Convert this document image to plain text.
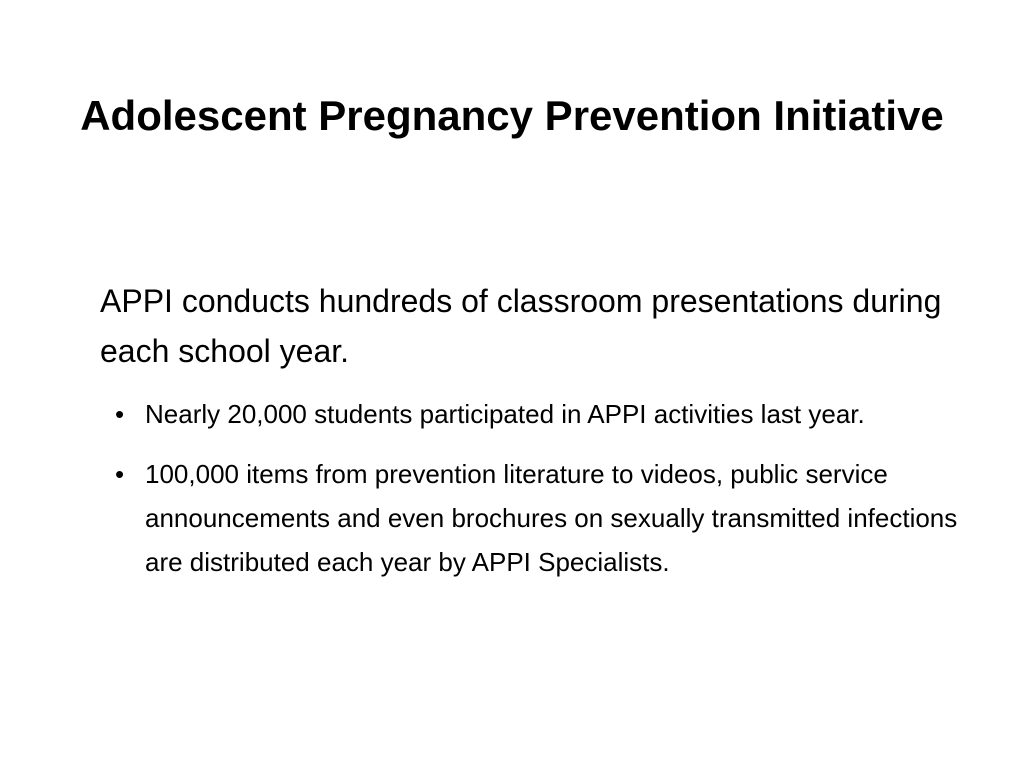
Adolescent Pregnancy Prevention Initiative

APPI conducts hundreds of classroom presentations during each school year.

• Nearly 20,000 students participated in APPI activities last year.
• 100,000 items from prevention literature to videos, public service announcements and even brochures on sexually transmitted infections are distributed each year by APPI Specialists.
